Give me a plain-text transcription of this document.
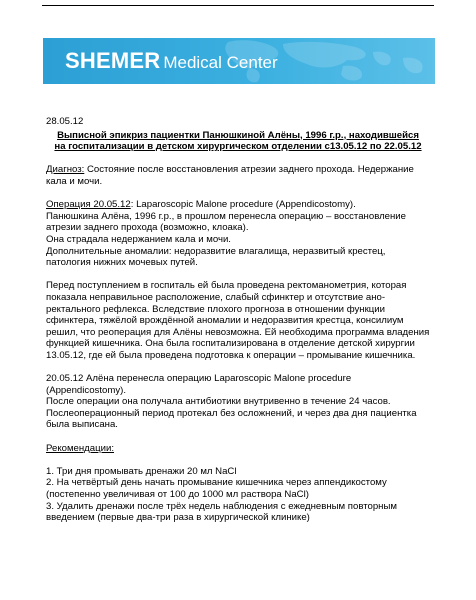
SHEMER Medical Center

28.05.12

Выписной эпикриз пациентки Панюшкиной Алёны, 1996 г.р., находившейся на госпитализации в детском хирургическом отделении с13.05.12 по 22.05.12

Диагноз: Состояние после восстановления атрезии заднего прохода. Недержание кала и мочи.

Операция 20.05.12: Laparoscopic Malone procedure (Appendicostomy).

Панюшкина Алёна, 1996 г.р., в прошлом перенесла операцию – восстановление атрезии заднего прохода (возможно, клоака).

Она страдала недержанием кала и мочи.

Дополнительные аномалии: недоразвитие влагалища, неразвитый крестец, патология нижних мочевых путей.

Перед поступлением в госпиталь ей была проведена ректоманометрия, которая показала неправильное расположение, слабый сфинктер и отсутствие ано-ректального рефлекса. Вследствие плохого прогноза в отношении функции сфинктера, тяжёлой врождённой аномалии и недоразвития крестца, консилиум решил, что реоперация для Алёны невозможна. Ей необходима программа владения функцией кишечника. Она была госпитализирована в отделение детской хирургии 13.05.12, где ей была проведена подготовка к операции – промывание кишечника.

20.05.12 Алёна перенесла операцию Laparoscopic Malone procedure (Appendicostomy).

После операции она получала антибиотики внутривенно в течение 24 часов. Послеоперационный период протекал без осложнений, и через два дня пациентка была выписана.

Рекомендации:

1. Три дня промывать дренажи 20 мл NaCl

2. На четвёртый день начать промывание кишечника через аппендикостому (постепенно увеличивая от 100 до 1000 мл раствора NaCl)

3. Удалить дренажи после трёх недель наблюдения с ежедневным повторным введением (первые два-три раза в хирургической клинике)
